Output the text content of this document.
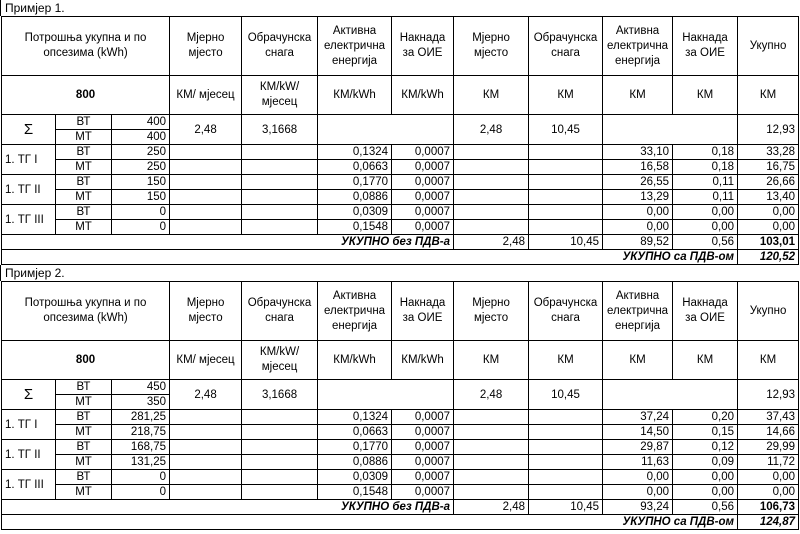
Примјер 1.
Потрошња укупна и по опсезима (kWh)			Мјерно мјесто	Обрачунска снага	Активна електрична енергија	Накнада за ОИЕ	Мјерно мјесто	Обрачунска снага	Активна електрична енергија	Накнада за ОИЕ	Укупно
800			КМ/ мјесец	КМ/kW/ мјесец	КМ/kWh	КМ/kWh	КМ	КМ	КМ	КМ	КМ
Σ	ВТ	400	2,48	3,1668			2,48	10,45			12,93
	МТ	400									
1. ТГ I	ВТ	250			0,1324	0,0007			33,10	0,18	33,28
	МТ	250			0,0663	0,0007			16,58	0,18	16,75
1. ТГ II	ВТ	150			0,1770	0,0007			26,55	0,11	26,66
	МТ	150			0,0886	0,0007			13,29	0,11	13,40
1. ТГ III	ВТ	0			0,0309	0,0007			0,00	0,00	0,00
	МТ	0			0,1548	0,0007			0,00	0,00	0,00
УКУПНО без ПДВ-а							2,48	10,45	89,52	0,56	103,01
УКУПНО са ПДВ-ом											120,52
Примјер 2.
Потрошња укупна и по опсезима (kWh)			Мјерно мјесто	Обрачунска снага	Активна електрична енергија	Накнада за ОИЕ	Мјерно мјесто	Обрачунска снага	Активна електрична енергија	Накнада за ОИЕ	Укупно
800			КМ/ мјесец	КМ/kW/ мјесец	КМ/kWh	КМ/kWh	КМ	КМ	КМ	КМ	КМ
Σ	ВТ	450	2,48	3,1668			2,48	10,45			12,93
	МТ	350									
1. ТГ I	ВТ	281,25			0,1324	0,0007			37,24	0,20	37,43
	МТ	218,75			0,0663	0,0007			14,50	0,15	14,66
1. ТГ II	ВТ	168,75			0,1770	0,0007			29,87	0,12	29,99
	МТ	131,25			0,0886	0,0007			11,63	0,09	11,72
1. ТГ III	ВТ	0			0,0309	0,0007			0,00	0,00	0,00
	МТ	0			0,1548	0,0007			0,00	0,00	0,00
УКУПНО без ПДВ-а							2,48	10,45	93,24	0,56	106,73
УКУПНО са ПДВ-ом											124,87
